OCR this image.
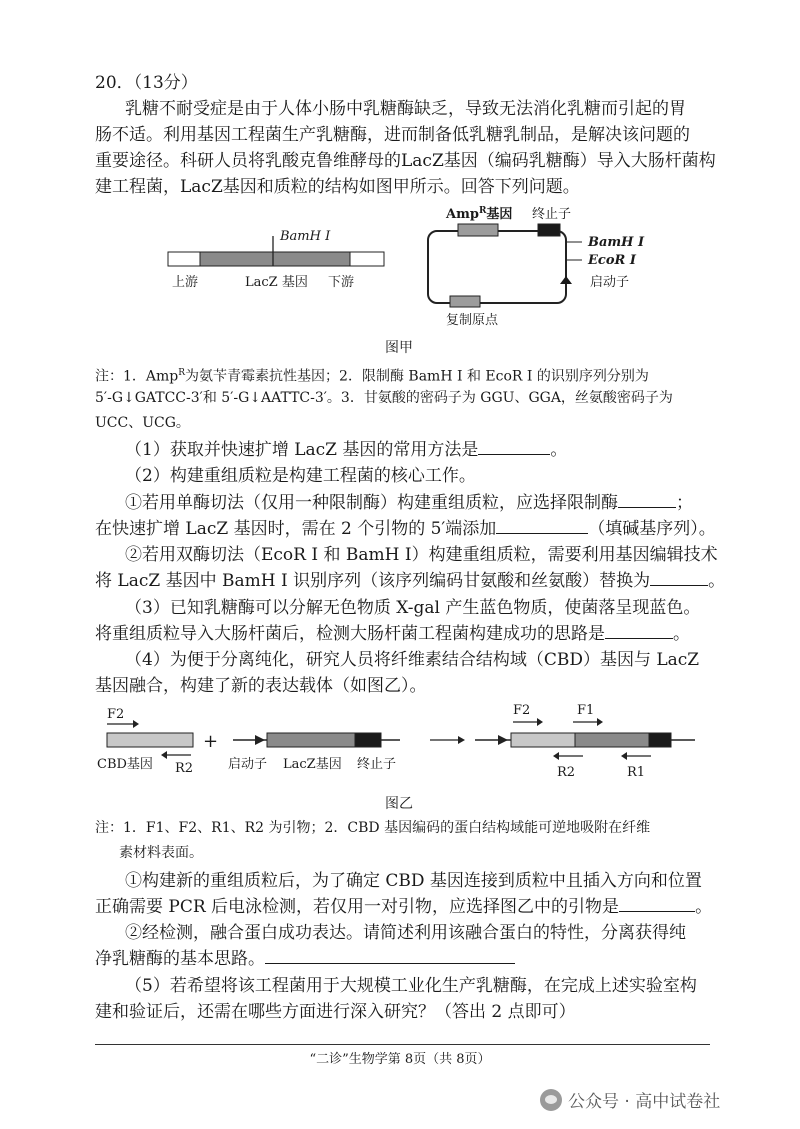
20．（13分）
乳糖不耐受症是由于人体小肠中乳糖酶缺乏，导致无法消化乳糖而引起的胃
肠不适。利用基因工程菌生产乳糖酶，进而制备低乳糖乳制品，是解决该问题的
重要途径。科研人员将乳酸克鲁维酵母的LacZ基因（编码乳糖酶）导入大肠杆菌构
建工程菌，LacZ基因和质粒的结构如图甲所示。回答下列问题。
BamH I
上游	LacZ 基因 下游
Amp$^R$基因 终止子
BamH I
EcoR I
启动子
复制原点
图甲
注：1．Amp$^R$为氨苄青霉素抗性基因；2．限制酶 BamH I 和 EcoR I 的识别序列分别为
5′-G↓GATCC-3′和 5′-G↓AATTC-3′。3．甘氨酸的密码子为 GGU、GGA，丝氨酸密码子为
UCC、UCG。
（1）获取并快速扩增 LacZ 基因的常用方法是	。
（2）构建重组质粒是构建工程菌的核心工作。
①若用单酶切法（仅用一种限制酶）构建重组质粒，应选择限制酶	；
在快速扩增 LacZ 基因时，需在 2 个引物的 5′端添加	（填碱基序列）。
②若用双酶切法（EcoR I 和 BamH I）构建重组质粒，需要利用基因编辑技术
将 LacZ 基因中 BamH I 识别序列（该序列编码甘氨酸和丝氨酸）替换为	。
（3）已知乳糖酶可以分解无色物质 X-gal 产生蓝色物质，使菌落呈现蓝色。
将重组质粒导入大肠杆菌后，检测大肠杆菌工程菌构建成功的思路是	。
（4）为便于分离纯化，研究人员将纤维素结合结构域（CBD）基因与 LacZ
基因融合，构建了新的表达载体（如图乙）。
F2
CBD基因 R2
+
启动子 LacZ基因 终止子
F2	F1
R2	R1
图乙
注：1．F1、F2、R1、R2 为引物；2．CBD 基因编码的蛋白结构域能可逆地吸附在纤维
素材料表面。
①构建新的重组质粒后，为了确定 CBD 基因连接到质粒中且插入方向和位置
正确需要 PCR 后电泳检测，若仅用一对引物，应选择图乙中的引物是	。
②经检测，融合蛋白成功表达。请简述利用该融合蛋白的特性，分离获得纯
净乳糖酶的基本思路。
（5）若希望将该工程菌用于大规模工业化生产乳糖酶，在完成上述实验室构
建和验证后，还需在哪些方面进行深入研究？（答出 2 点即可）
“二诊”生物学第 8页（共 8页）
公众号 · 高中试卷社
